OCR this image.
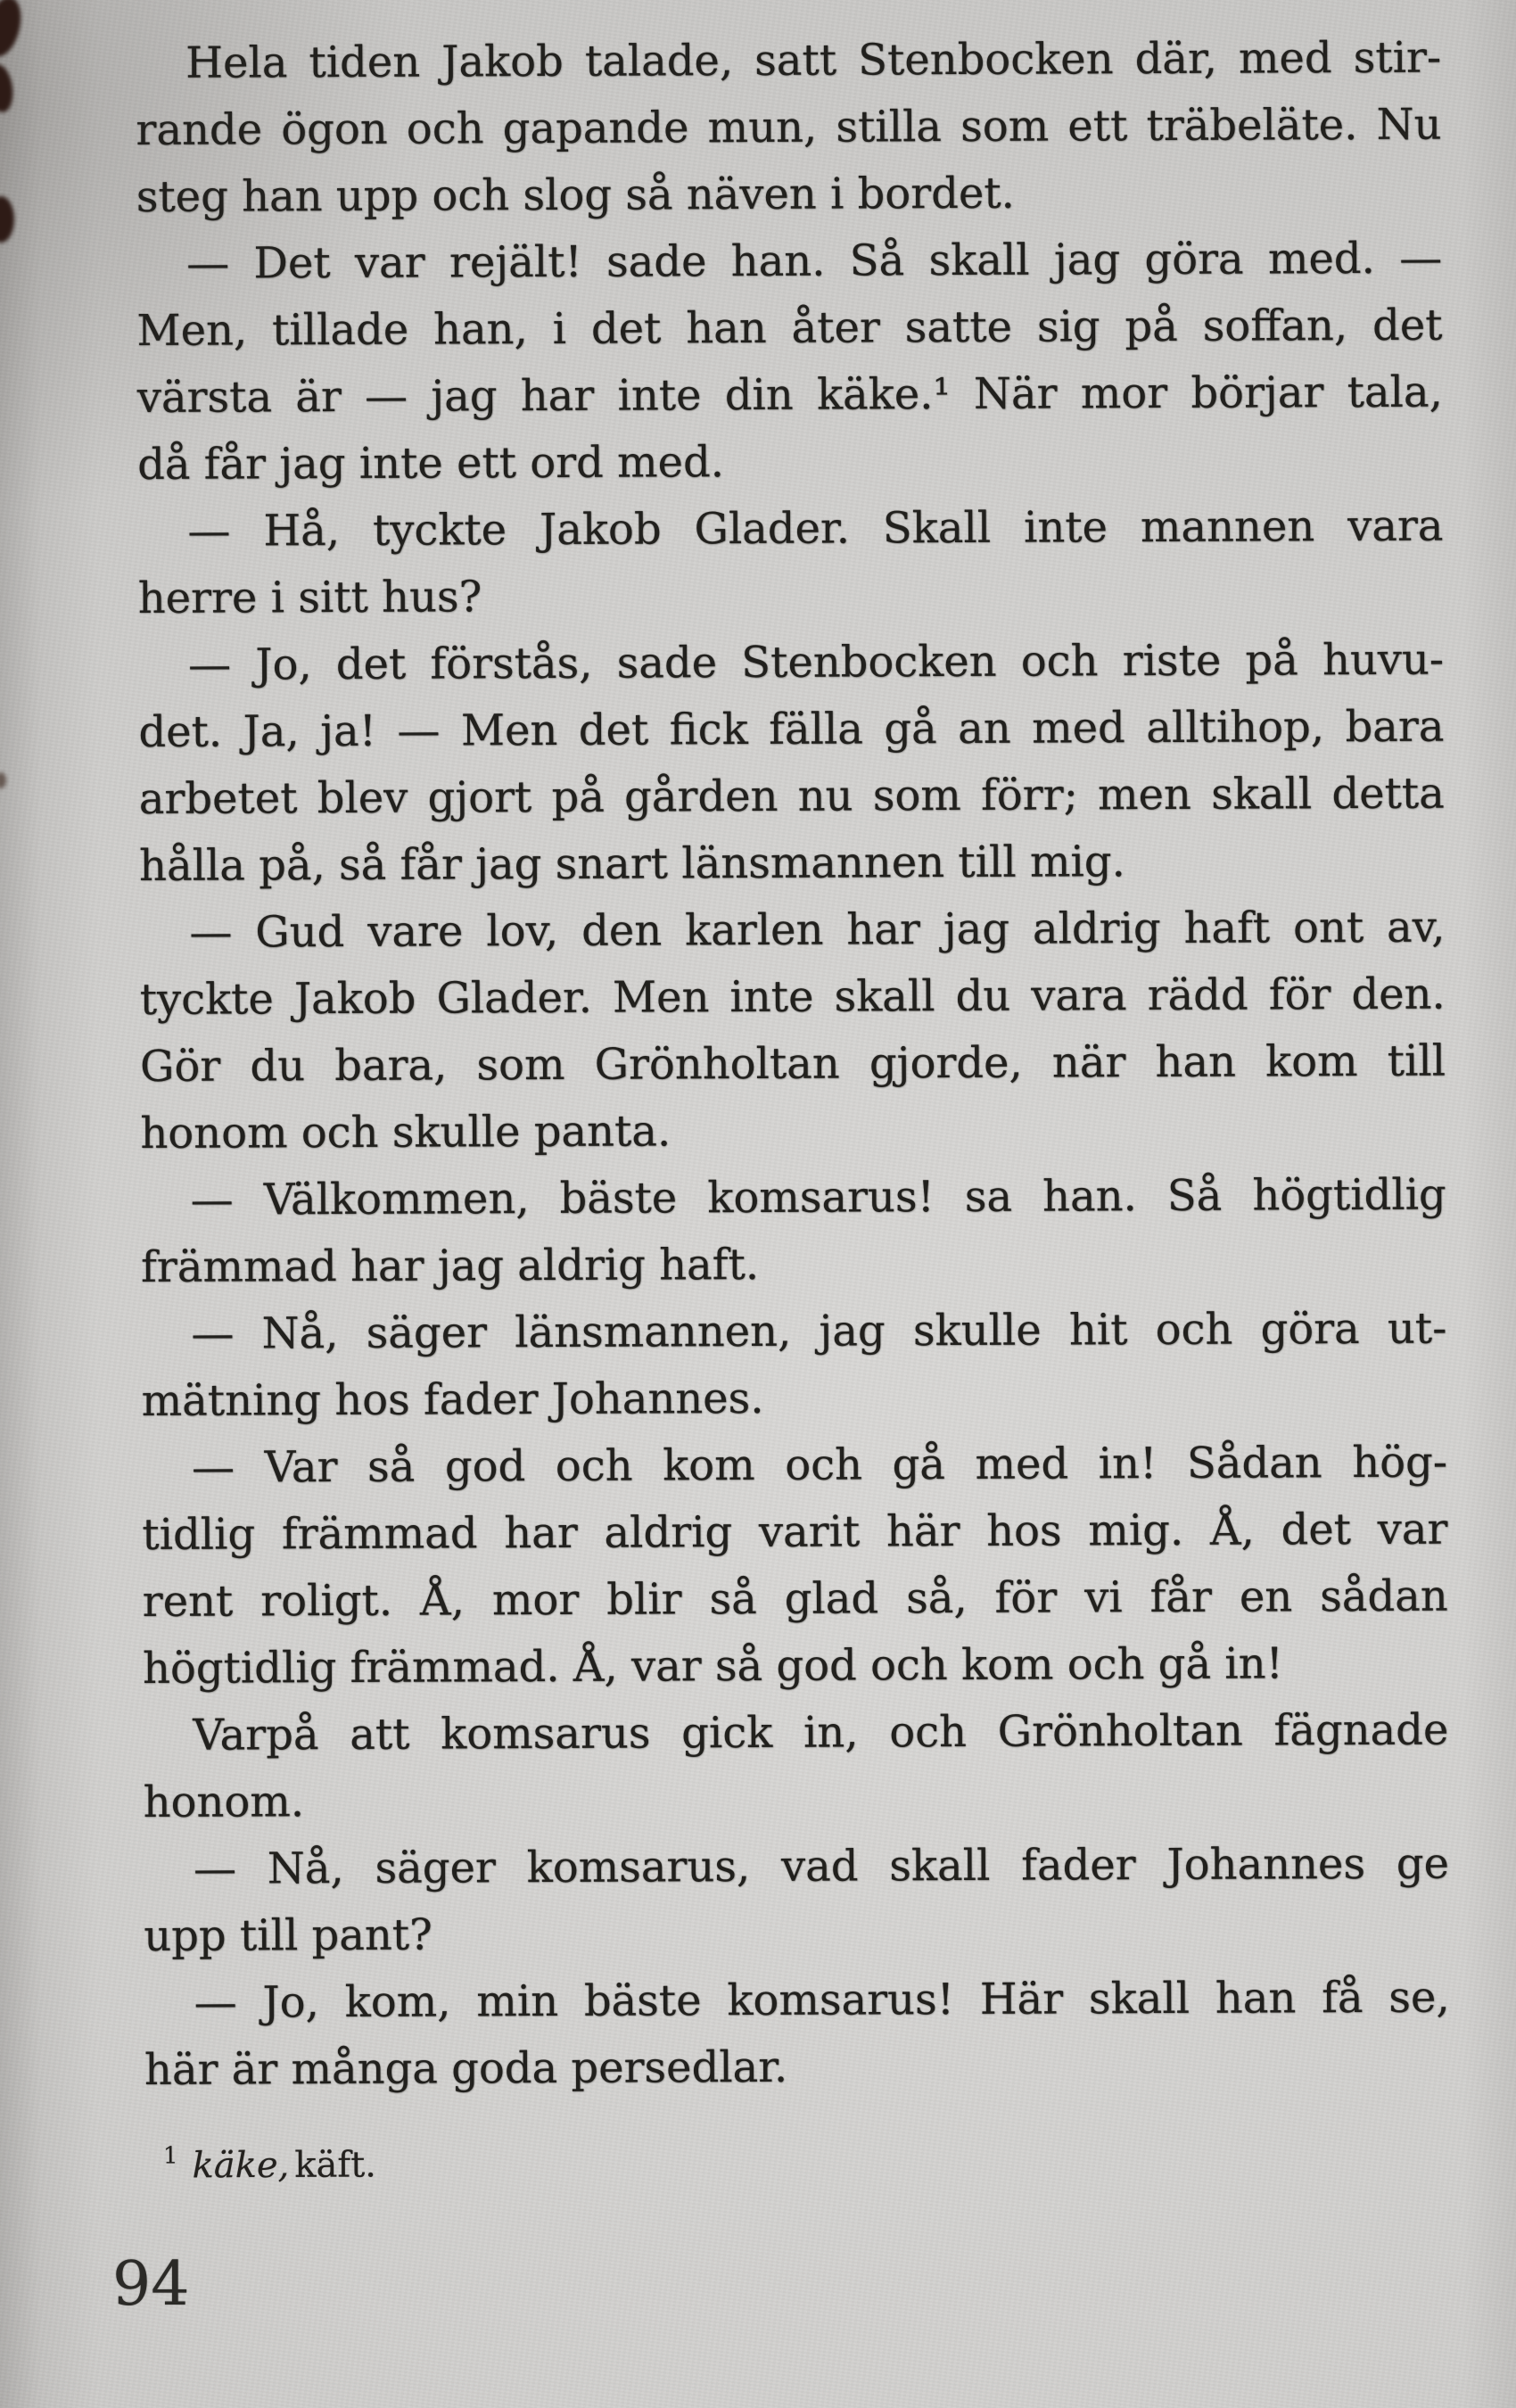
Hela tiden Jakob talade, satt Stenbocken där, med stir-
rande ögon och gapande mun, stilla som ett träbeläte. Nu
steg han upp och slog så näven i bordet.
— Det var rejält! sade han. Så skall jag göra med. —
Men, tillade han, i det han åter satte sig på soffan, det
värsta är — jag har inte din käke.¹ När mor börjar tala,
då får jag inte ett ord med.
— Hå, tyckte Jakob Glader. Skall inte mannen vara
herre i sitt hus?
— Jo, det förstås, sade Stenbocken och riste på huvu-
det. Ja, ja! — Men det fick fälla gå an med alltihop, bara
arbetet blev gjort på gården nu som förr; men skall detta
hålla på, så får jag snart länsmannen till mig.
— Gud vare lov, den karlen har jag aldrig haft ont av,
tyckte Jakob Glader. Men inte skall du vara rädd för den.
Gör du bara, som Grönholtan gjorde, när han kom till
honom och skulle panta.
— Välkommen, bäste komsarus! sa han. Så högtidlig
främmad har jag aldrig haft.
— Nå, säger länsmannen, jag skulle hit och göra ut-
mätning hos fader Johannes.
— Var så god och kom och gå med in! Sådan hög-
tidlig främmad har aldrig varit här hos mig. Å, det var
rent roligt. Å, mor blir så glad så, för vi får en sådan
högtidlig främmad. Å, var så god och kom och gå in!
Varpå att komsarus gick in, och Grönholtan fägnade
honom.
— Nå, säger komsarus, vad skall fader Johannes ge
upp till pant?
— Jo, kom, min bäste komsarus! Här skall han få se,
här är många goda persedlar.
$^1$ käke, käft.
94
